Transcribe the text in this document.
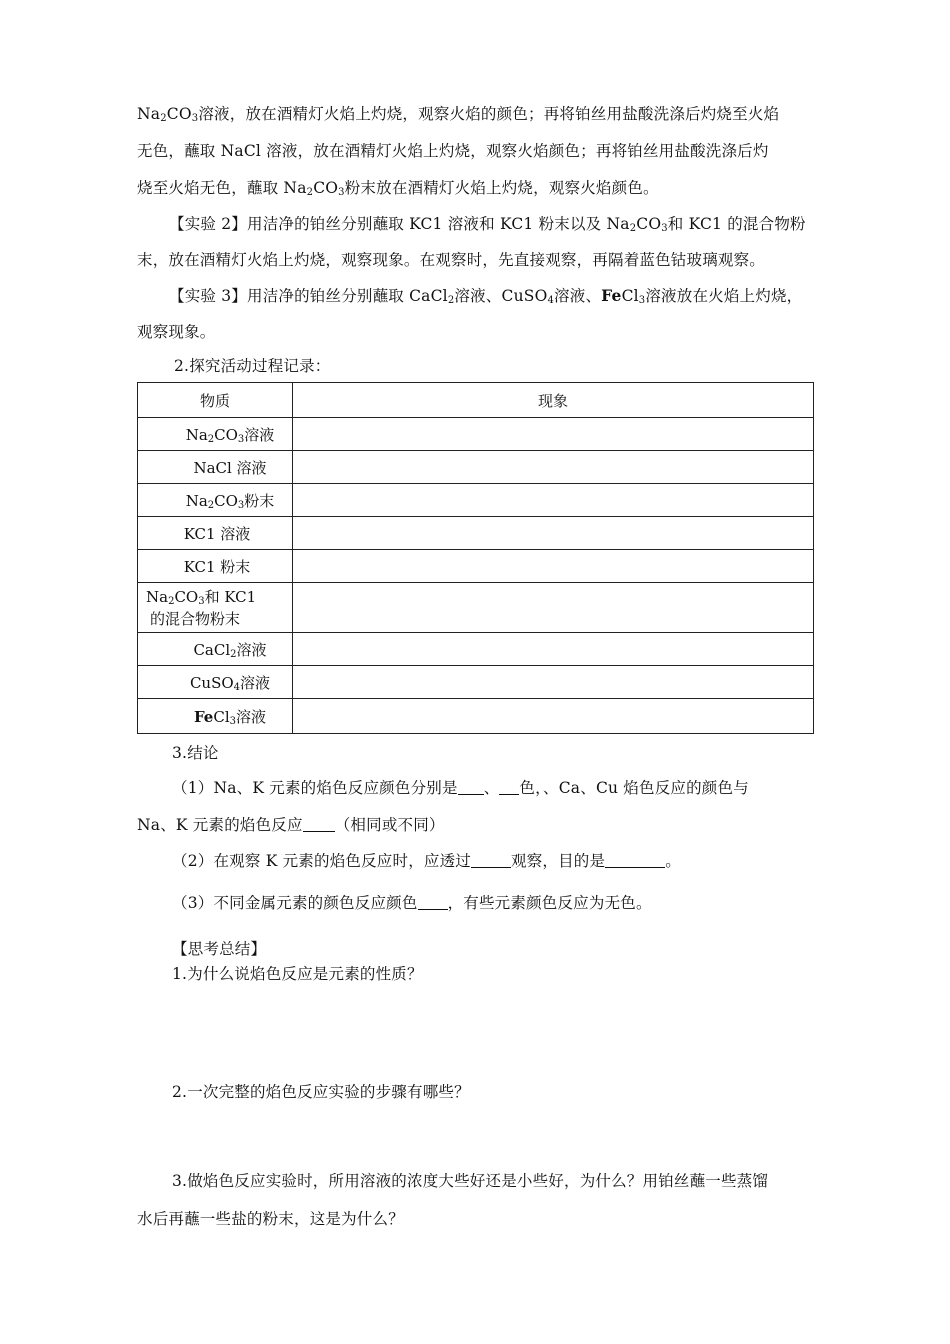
$Na_2CO_3$溶液，放在酒精灯火焰上灼烧，观察火焰的颜色；再将铂丝用盐酸洗涤后灼烧至火焰
无色，蘸取 NaCl 溶液，放在酒精灯火焰上灼烧，观察火焰颜色；再将铂丝用盐酸洗涤后灼
烧至火焰无色，蘸取 $Na_2CO_3$粉末放在酒精灯火焰上灼烧，观察火焰颜色。
【实验 2】用洁净的铂丝分别蘸取 KC1 溶液和 KC1 粉末以及 $Na_2CO_3$和 KC1 的混合物粉
末，放在酒精灯火焰上灼烧，观察现象。在观察时，先直接观察，再隔着蓝色钴玻璃观察。
【实验 3】用洁净的铂丝分别蘸取 CaCl$_2$溶液、CuSO$_4$溶液、FeCl$_3$溶液放在火焰上灼烧，
观察现象。
2.探究活动过程记录：
物质	现象
$Na_2CO_3$溶液	
NaCl 溶液	
$Na_2CO_3$粉末	
KC1 溶液	
KC1 粉末	

$Na_2CO_3$和 KC1
的混合物粉末	

CaCl$_2$溶液	
CuSO$_4$溶液	
FeCl$_3$溶液	
3.结论
（1）Na、K 元素的焰色反应颜色分别是 、 色，、Ca、Cu 焰色反应的颜色与
Na、K 元素的焰色反应 （相同或不同）
（2）在观察 K 元素的焰色反应时，应透过	观察，目的是	。
（3）不同金属元素的颜色反应颜色 ，有些元素颜色反应为无色。
【思考总结】
1.为什么说焰色反应是元素的性质？
2.一次完整的焰色反应实验的步骤有哪些？
3.做焰色反应实验时，所用溶液的浓度大些好还是小些好，为什么？用铂丝蘸一些蒸馏
水后再蘸一些盐的粉末，这是为什么？
